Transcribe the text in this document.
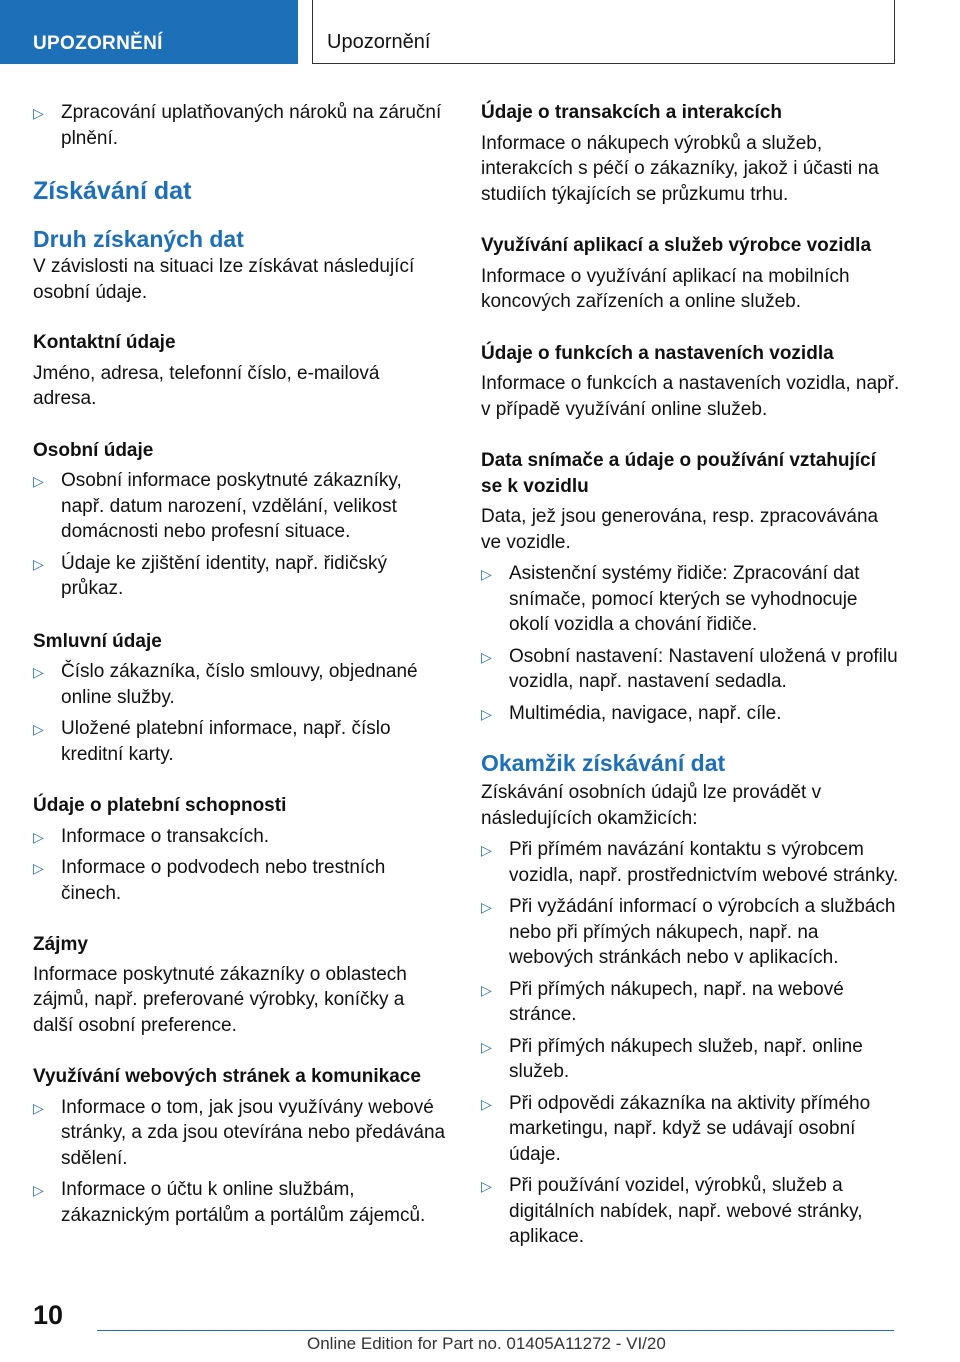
UPOZORNĚNÍ	Upozornění
▷ Zpracování uplatňovaných nároků na záruční plnění.
Získávání dat
Druh získaných dat

V závislosti na situaci lze získávat následující osobní údaje.

Kontaktní údaje

Jméno, adresa, telefonní číslo, e-mailová adresa.

Osobní údaje
▷ Osobní informace poskytnuté zákazníky, např. datum narození, vzdělání, velikost domácnosti nebo profesní situace.
▷ Údaje ke zjištění identity, např. řidičský průkaz.
Smluvní údaje
▷ Číslo zákazníka, číslo smlouvy, objednané online služby.
▷ Uložené platební informace, např. číslo kreditní karty.
Údaje o platební schopnosti
▷ Informace o transakcích.
▷ Informace o podvodech nebo trestních činech.
Zájmy

Informace poskytnuté zákazníky o oblastech zájmů, např. preferované výrobky, koníčky a další osobní preference.

Využívání webových stránek a komunikace
▷ Informace o tom, jak jsou využívány webové stránky, a zda jsou otevírána nebo předávána sdělení.
▷ Informace o účtu k online službám, zákaznickým portálům a portálům zájemců.
Údaje o transakcích a interakcích

Informace o nákupech výrobků a služeb, interakcích s péčí o zákazníky, jakož i účasti na studiích týkajících se průzkumu trhu.

Využívání aplikací a služeb výrobce vozidla

Informace o využívání aplikací na mobilních koncových zařízeních a online služeb.

Údaje o funkcích a nastaveních vozidla

Informace o funkcích a nastaveních vozidla, např. v případě využívání online služeb.

Data snímače a údaje o používání vztahující se k vozidlu

Data, jež jsou generována, resp. zpracovávána ve vozidle.

▷ Asistenční systémy řidiče: Zpracování dat snímače, pomocí kterých se vyhodnocuje okolí vozidla a chování řidiče.
▷ Osobní nastavení: Nastavení uložená v profilu vozidla, např. nastavení sedadla.
▷ Multimédia, navigace, např. cíle.
Okamžik získávání dat

Získávání osobních údajů lze provádět v následujících okamžicích:

▷ Při přímém navázání kontaktu s výrobcem vozidla, např. prostřednictvím webové stránky.
▷ Při vyžádání informací o výrobcích a službách nebo při přímých nákupech, např. na webových stránkách nebo v aplikacích.
▷ Při přímých nákupech, např. na webové stránce.
▷ Při přímých nákupech služeb, např. online služeb.
▷ Při odpovědi zákazníka na aktivity přímého marketingu, např. když se udávají osobní údaje.
▷ Při používání vozidel, výrobků, služeb a digitálních nabídek, např. webové stránky, aplikace.
10
Online Edition for Part no. 01405A11272 - VI/20
